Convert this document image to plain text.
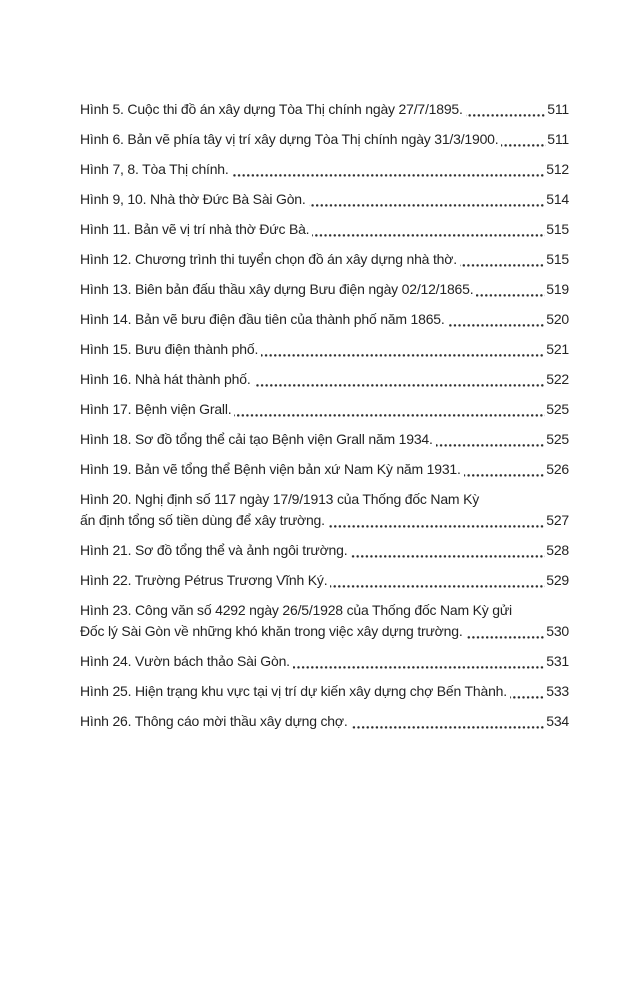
Hình 5. Cuộc thi đồ án xây dựng Tòa Thị chính ngày 27/7/1895.	511
Hình 6. Bản vẽ phía tây vị trí xây dựng Tòa Thị chính ngày 31/3/1900.	511
Hình 7, 8. Tòa Thị chính.	512
Hình 9, 10. Nhà thờ Đức Bà Sài Gòn.	514
Hình 11. Bản vẽ vị trí nhà thờ Đức Bà.	515
Hình 12. Chương trình thi tuyển chọn đồ án xây dựng nhà thờ.	515
Hình 13. Biên bản đấu thầu xây dựng Bưu điện ngày 02/12/1865.	519
Hình 14. Bản vẽ bưu điện đầu tiên của thành phố năm 1865.	520
Hình 15. Bưu điện thành phố.	521
Hình 16. Nhà hát thành phố.	522
Hình 17. Bệnh viện Grall.	525
Hình 18. Sơ đồ tổng thể cải tạo Bệnh viện Grall năm 1934.	525
Hình 19. Bản vẽ tổng thể Bệnh viện bản xứ Nam Kỳ năm 1931.	526
Hình 20. Nghị định số 117 ngày 17/9/1913 của Thống đốc Nam Kỳ
ấn định tổng số tiền dùng để xây trường.	527
Hình 21. Sơ đồ tổng thể và ảnh ngôi trường.	528
Hình 22. Trường Pétrus Trương Vĩnh Ký.	529
Hình 23. Công văn số 4292 ngày 26/5/1928 của Thống đốc Nam Kỳ gửi
Đốc lý Sài Gòn về những khó khăn trong việc xây dựng trường.	530
Hình 24. Vườn bách thảo Sài Gòn.	531
Hình 25. Hiện trạng khu vực tại vị trí dự kiến xây dựng chợ Bến Thành.	533
Hình 26. Thông cáo mời thầu xây dựng chợ.	534
